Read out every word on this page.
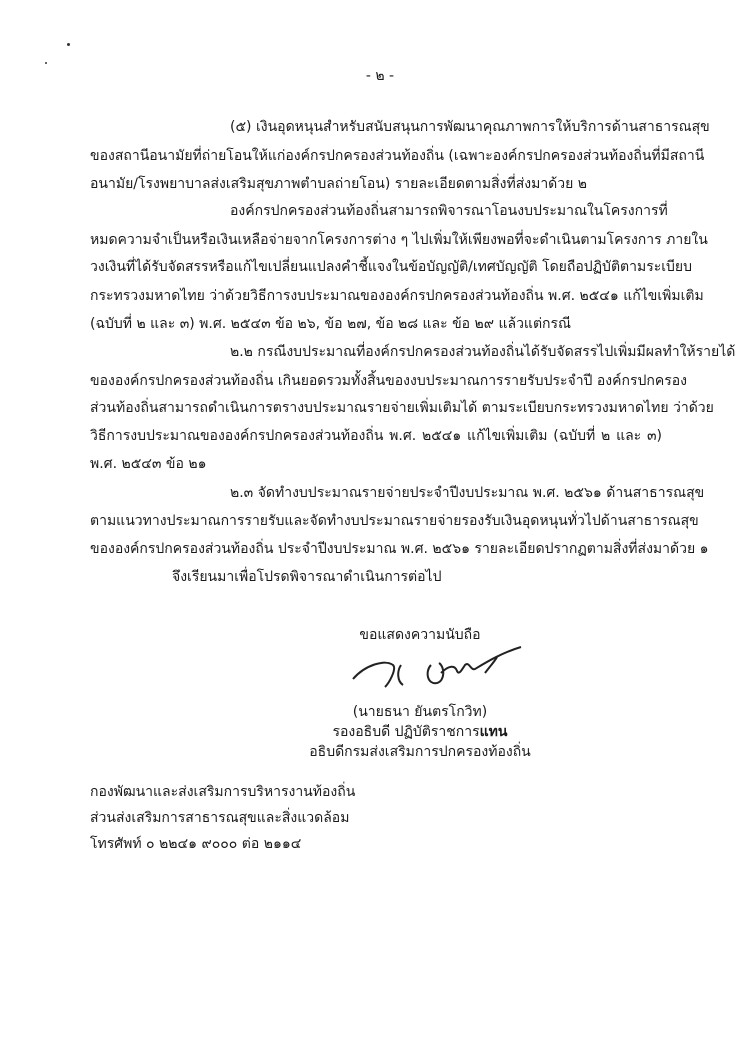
- ๒ -
(๕) เงินอุดหนุนสำหรับสนับสนุนการพัฒนาคุณภาพการให้บริการด้านสาธารณสุข
ของสถานีอนามัยที่ถ่ายโอนให้แก่องค์กรปกครองส่วนท้องถิ่น (เฉพาะองค์กรปกครองส่วนท้องถิ่นที่มีสถานี
อนามัย/โรงพยาบาลส่งเสริมสุขภาพตำบลถ่ายโอน) รายละเอียดตามสิ่งที่ส่งมาด้วย ๒
องค์กรปกครองส่วนท้องถิ่นสามารถพิจารณาโอนงบประมาณในโครงการที่
หมดความจำเป็นหรือเงินเหลือจ่ายจากโครงการต่าง ๆ ไปเพิ่มให้เพียงพอที่จะดำเนินตามโครงการ ภายใน
วงเงินที่ได้รับจัดสรรหรือแก้ไขเปลี่ยนแปลงคำชี้แจงในข้อบัญญัติ/เทศบัญญัติ โดยถือปฏิบัติตามระเบียบ
กระทรวงมหาดไทย ว่าด้วยวิธีการงบประมาณขององค์กรปกครองส่วนท้องถิ่น พ.ศ. ๒๕๔๑ แก้ไขเพิ่มเติม
(ฉบับที่ ๒ และ ๓) พ.ศ. ๒๕๔๓ ข้อ ๒๖, ข้อ ๒๗, ข้อ ๒๘ และ ข้อ ๒๙ แล้วแต่กรณี
๒.๒ กรณีงบประมาณที่องค์กรปกครองส่วนท้องถิ่นได้รับจัดสรรไปเพิ่มมีผลทำให้รายได้
ขององค์กรปกครองส่วนท้องถิ่น เกินยอดรวมทั้งสิ้นของงบประมาณการรายรับประจำปี องค์กรปกครอง
ส่วนท้องถิ่นสามารถดำเนินการตรางบประมาณรายจ่ายเพิ่มเติมได้ ตามระเบียบกระทรวงมหาดไทย ว่าด้วย
วิธีการงบประมาณขององค์กรปกครองส่วนท้องถิ่น พ.ศ. ๒๕๔๑ แก้ไขเพิ่มเติม (ฉบับที่ ๒ และ ๓)
พ.ศ. ๒๕๔๓ ข้อ ๒๑
๒.๓ จัดทำงบประมาณรายจ่ายประจำปีงบประมาณ พ.ศ. ๒๕๖๑ ด้านสาธารณสุข
ตามแนวทางประมาณการรายรับและจัดทำงบประมาณรายจ่ายรองรับเงินอุดหนุนทั่วไปด้านสาธารณสุข
ขององค์กรปกครองส่วนท้องถิ่น ประจำปีงบประมาณ พ.ศ. ๒๕๖๑ รายละเอียดปรากฏตามสิ่งที่ส่งมาด้วย ๑
จึงเรียนมาเพื่อโปรดพิจารณาดำเนินการต่อไป
ขอแสดงความนับถือ
(นายธนา ยันตรโกวิท)
รองอธิบดี ปฏิบัติราชการแทน
อธิบดีกรมส่งเสริมการปกครองท้องถิ่น
กองพัฒนาและส่งเสริมการบริหารงานท้องถิ่น
ส่วนส่งเสริมการสาธารณสุขและสิ่งแวดล้อม
โทรศัพท์ ๐ ๒๒๔๑ ๙๐๐๐ ต่อ ๒๑๑๔
